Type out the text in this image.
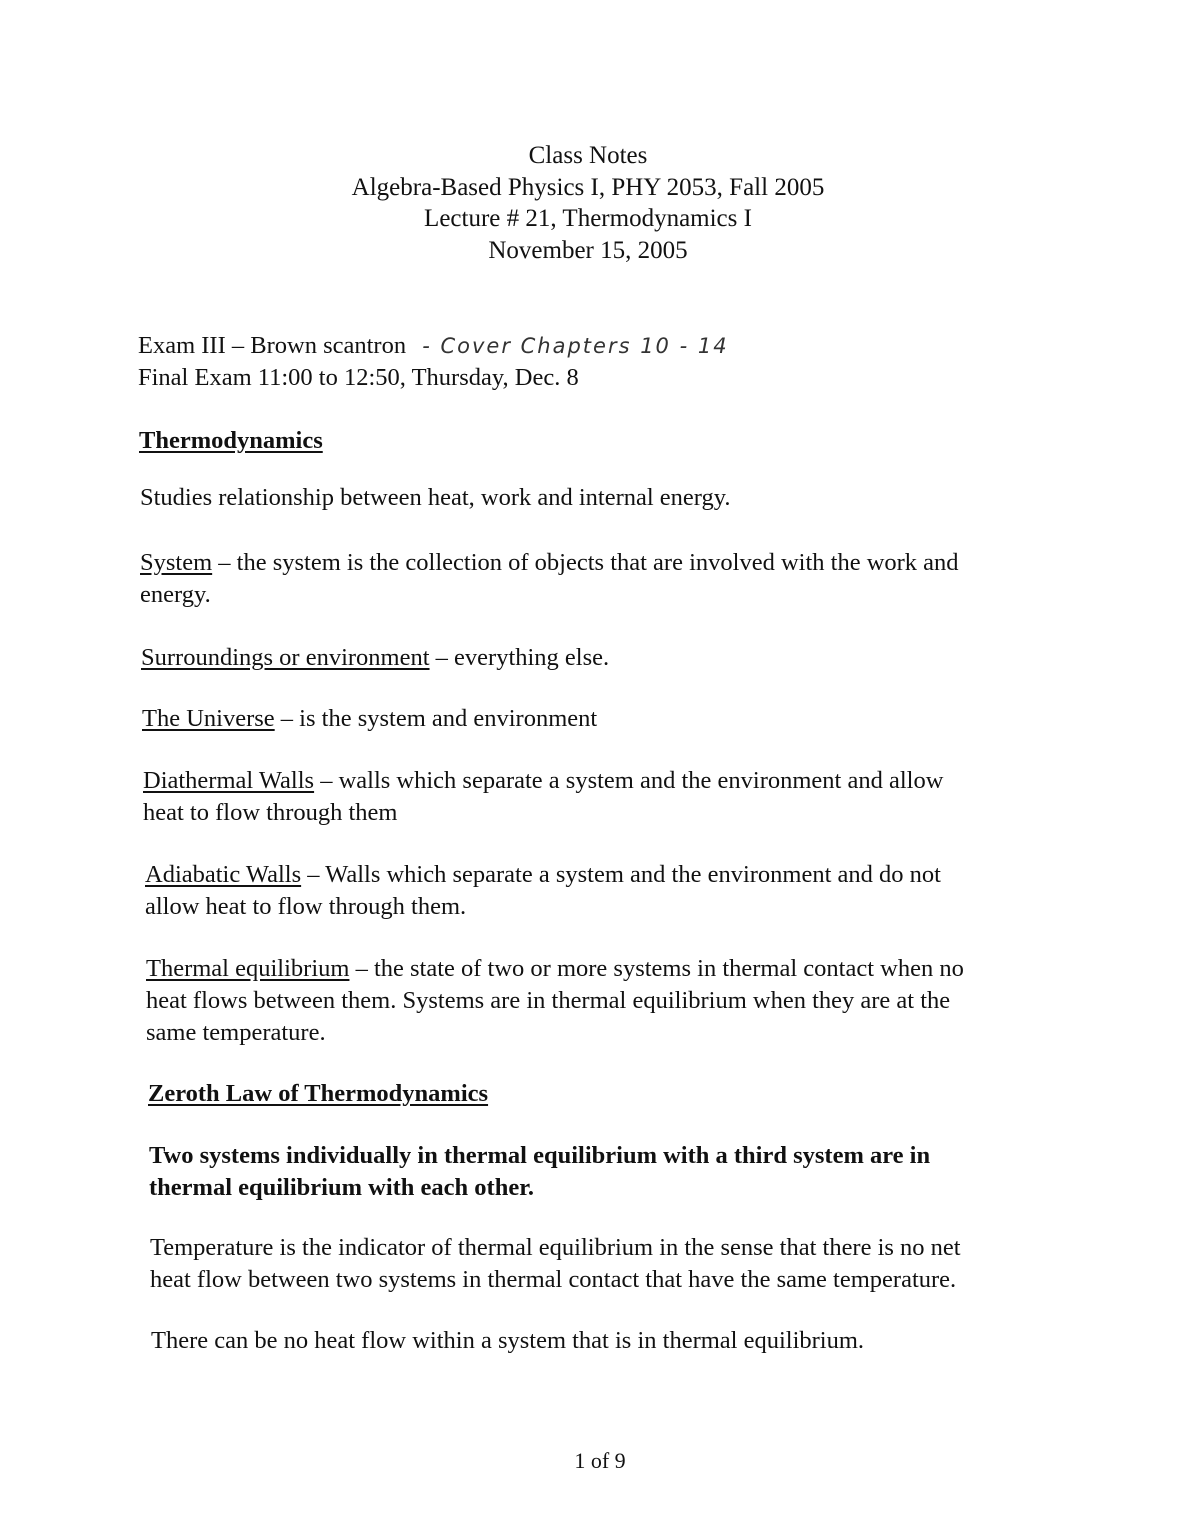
Class Notes
Algebra-Based Physics I, PHY 2053, Fall 2005
Lecture # 21, Thermodynamics I
November 15, 2005
Exam III – Brown scantron - Cover Chapters 10 - 14
Final Exam 11:00 to 12:50, Thursday, Dec. 8
Thermodynamics
Studies relationship between heat, work and internal energy.
System – the system is the collection of objects that are involved with the work and
energy.
Surroundings or environment – everything else.
The Universe – is the system and environment
Diathermal Walls – walls which separate a system and the environment and allow
heat to flow through them
Adiabatic Walls – Walls which separate a system and the environment and do not
allow heat to flow through them.
Thermal equilibrium – the state of two or more systems in thermal contact when no
heat flows between them. Systems are in thermal equilibrium when they are at the
same temperature.
Zeroth Law of Thermodynamics
Two systems individually in thermal equilibrium with a third system are in
thermal equilibrium with each other.
Temperature is the indicator of thermal equilibrium in the sense that there is no net
heat flow between two systems in thermal contact that have the same temperature.
There can be no heat flow within a system that is in thermal equilibrium.
1 of 9
